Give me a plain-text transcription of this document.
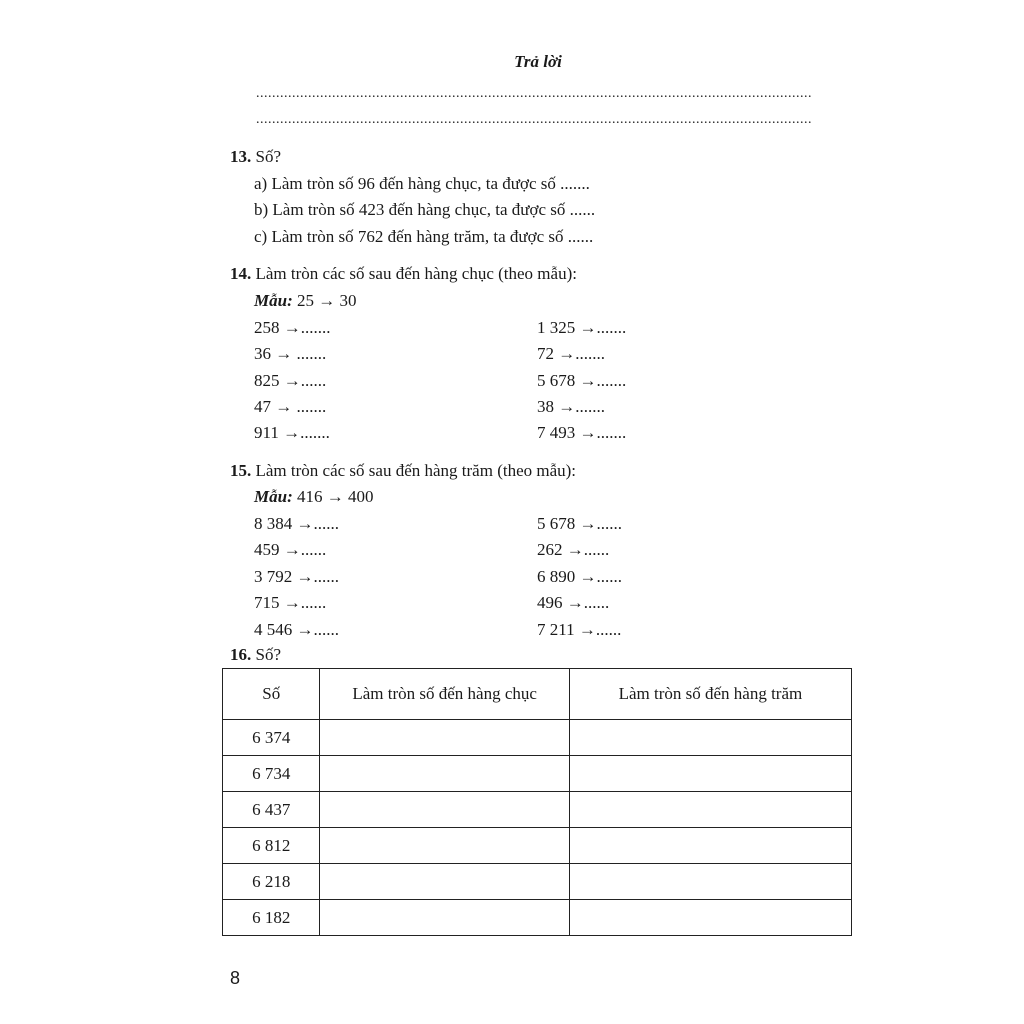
Trả lời
...........................................................................................................................................
...........................................................................................................................................
13. Số?
a) Làm tròn số 96 đến hàng chục, ta được số .......
b) Làm tròn số 423 đến hàng chục, ta được số ......
c) Làm tròn số 762 đến hàng trăm, ta được số ......
14. Làm tròn các số sau đến hàng chục (theo mẫu):
Mẫu: 25 → 30
258 →.......
36 → .......
825 →......
47 → .......
911 →.......
1 325 →.......
72 →.......
5 678 →.......
38 →.......
7 493 →.......
15. Làm tròn các số sau đến hàng trăm (theo mẫu):
Mẫu: 416 → 400
8 384 →......
459 →......
3 792 →......
715 →......
4 546 →......
5 678 →......
262 →......
6 890 →......
496 →......
7 211 →......
16. Số?
Số	Làm tròn số đến hàng chục	Làm tròn số đến hàng trăm
6 374		
6 734		
6 437		
6 812		
6 218		
6 182		
8
